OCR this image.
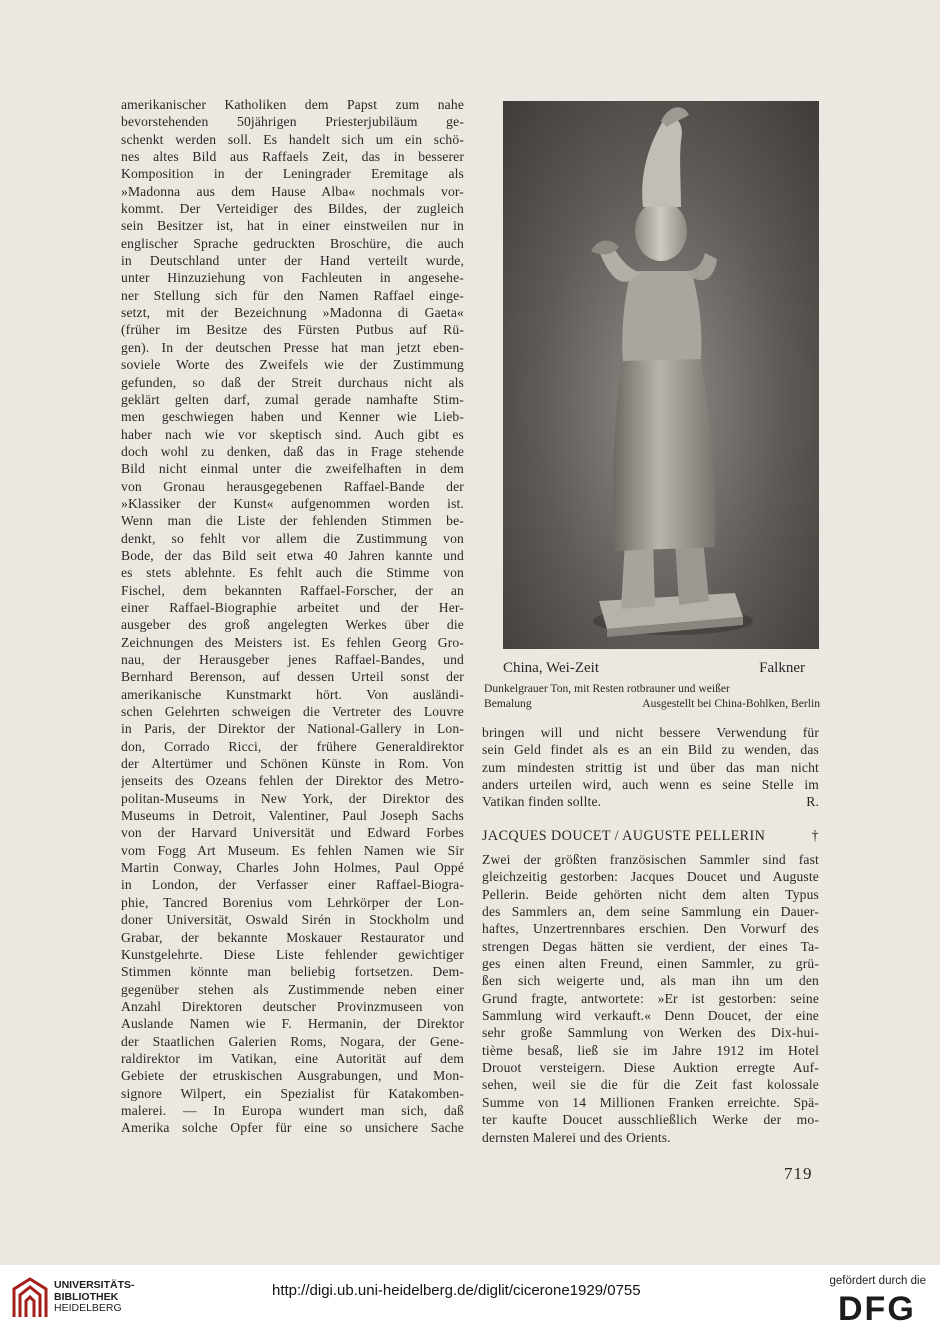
amerikanischer Katholiken dem Papst zum nahe
bevorstehenden 50jährigen Priesterjubiläum ge-
schenkt werden soll. Es handelt sich um ein schö-
nes altes Bild aus Raffaels Zeit, das in besserer
Komposition in der Leningrader Eremitage als
»Madonna aus dem Hause Alba« nochmals vor-
kommt. Der Verteidiger des Bildes, der zugleich
sein Besitzer ist, hat in einer einstweilen nur in
englischer Sprache gedruckten Broschüre, die auch
in Deutschland unter der Hand verteilt wurde,
unter Hinzuziehung von Fachleuten in angesehe-
ner Stellung sich für den Namen Raffael einge-
setzt, mit der Bezeichnung »Madonna di Gaeta«
(früher im Besitze des Fürsten Putbus auf Rü-
gen). In der deutschen Presse hat man jetzt eben-
soviele Worte des Zweifels wie der Zustimmung
gefunden, so daß der Streit durchaus nicht als
geklärt gelten darf, zumal gerade namhafte Stim-
men geschwiegen haben und Kenner wie Lieb-
haber nach wie vor skeptisch sind. Auch gibt es
doch wohl zu denken, daß das in Frage stehende
Bild nicht einmal unter die zweifelhaften in dem
von Gronau herausgegebenen Raffael-Bande der
»Klassiker der Kunst« aufgenommen worden ist.
Wenn man die Liste der fehlenden Stimmen be-
denkt, so fehlt vor allem die Zustimmung von
Bode, der das Bild seit etwa 40 Jahren kannte und
es stets ablehnte. Es fehlt auch die Stimme von
Fischel, dem bekannten Raffael-Forscher, der an
einer Raffael-Biographie arbeitet und der Her-
ausgeber des groß angelegten Werkes über die
Zeichnungen des Meisters ist. Es fehlen Georg Gro-
nau, der Herausgeber jenes Raffael-Bandes, und
Bernhard Berenson, auf dessen Urteil sonst der
amerikanische Kunstmarkt hört. Von ausländi-
schen Gelehrten schweigen die Vertreter des Louvre
in Paris, der Direktor der National-Gallery in Lon-
don, Corrado Ricci, der frühere Generaldirektor
der Altertümer und Schönen Künste in Rom. Von
jenseits des Ozeans fehlen der Direktor des Metro-
politan-Museums in New York, der Direktor des
Museums in Detroit, Valentiner, Paul Joseph Sachs
von der Harvard Universität und Edward Forbes
vom Fogg Art Museum. Es fehlen Namen wie Sir
Martin Conway, Charles John Holmes, Paul Oppé
in London, der Verfasser einer Raffael-Biogra-
phie, Tancred Borenius vom Lehrkörper der Lon-
doner Universität, Oswald Sirén in Stockholm und
Grabar, der bekannte Moskauer Restaurator und
Kunstgelehrte. Diese Liste fehlender gewichtiger
Stimmen könnte man beliebig fortsetzen. Dem-
gegenüber stehen als Zustimmende neben einer
Anzahl Direktoren deutscher Provinzmuseen von
Auslande Namen wie F. Hermanin, der Direktor
der Staatlichen Galerien Roms, Nogara, der Gene-
raldirektor im Vatikan, eine Autorität auf dem
Gebiete der etruskischen Ausgrabungen, und Mon-
signore Wilpert, ein Spezialist für Katakomben-
malerei. — In Europa wundert man sich, daß
Amerika solche Opfer für eine so unsichere Sache
China, Wei-Zeit	Falkner
Dunkelgrauer Ton, mit Resten rotbrauner und weißer
Bemalung	Ausgestellt bei China-Bohlken, Berlin
bringen will und nicht bessere Verwendung für
sein Geld findet als es an ein Bild zu wenden, das
zum mindesten strittig ist und über das man nicht
anders urteilen wird, auch wenn es seine Stelle im
Vatikan finden sollte.	R.
JACQUES DOUCET / AUGUSTE PELLERIN	†
Zwei der größten französischen Sammler sind fast
gleichzeitig gestorben: Jacques Doucet und Auguste
Pellerin. Beide gehörten nicht dem alten Typus
des Sammlers an, dem seine Sammlung ein Dauer-
haftes, Unzertrennbares erschien. Den Vorwurf des
strengen Degas hätten sie verdient, der eines Ta-
ges einen alten Freund, einen Sammler, zu grü-
ßen sich weigerte und, als man ihn um den
Grund fragte, antwortete: »Er ist gestorben: seine
Sammlung wird verkauft.« Denn Doucet, der eine
sehr große Sammlung von Werken des Dix-hui-
tième besaß, ließ sie im Jahre 1912 im Hotel
Drouot versteigern. Diese Auktion erregte Auf-
sehen, weil sie die für die Zeit fast kolossale
Summe von 14 Millionen Franken erreichte. Spä-
ter kaufte Doucet ausschließlich Werke der mo-
dernsten Malerei und des Orients.
719
UNIVERSITÄTS-
BIBLIOTHEK
HEIDELBERG
http://digi.ub.uni-heidelberg.de/diglit/cicerone1929/0755
gefördert durch die
DFG
